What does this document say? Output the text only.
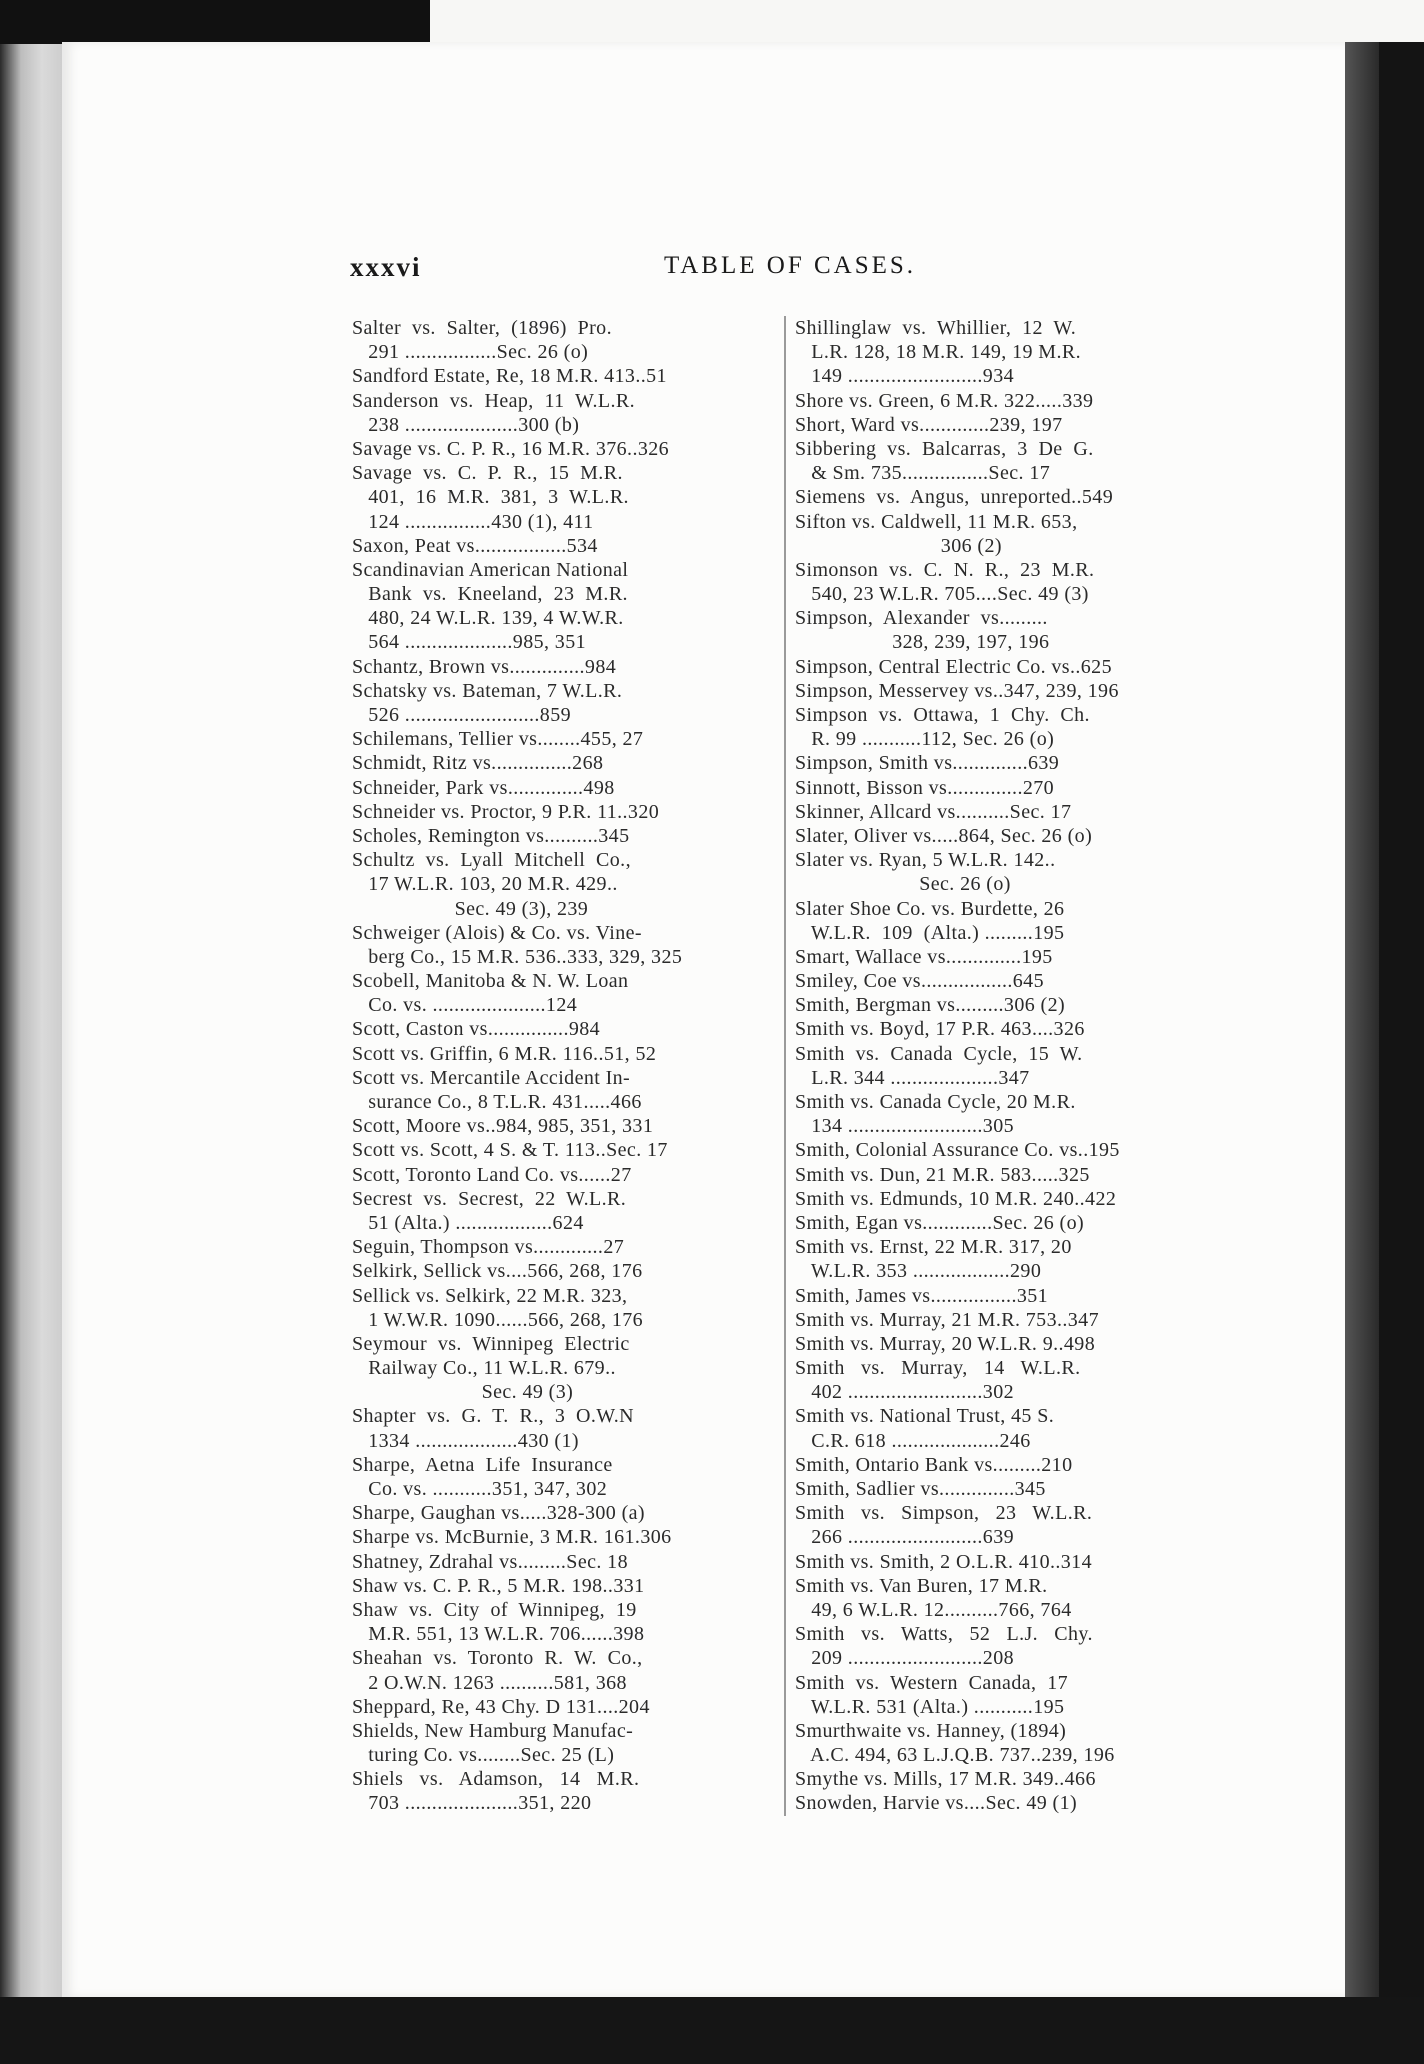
xxxvi	TABLE OF CASES.
Salter  vs.  Salter,  (1896)  Pro.
291 .................Sec. 26 (o)
Sandford Estate, Re, 18 M.R. 413..51
Sanderson  vs.  Heap,  11  W.L.R.
238 .....................300 (b)
Savage vs. C. P. R., 16 M.R. 376..326
Savage  vs.  C.  P.  R.,  15  M.R.
401,  16  M.R.  381,  3  W.L.R.
124 ................430 (1), 411
Saxon, Peat vs.................534
Scandinavian American National
Bank  vs.  Kneeland,  23  M.R.
480, 24 W.L.R. 139, 4 W.W.R.
564 ....................985, 351
Schantz, Brown vs..............984
Schatsky vs. Bateman, 7 W.L.R.
526 .........................859
Schilemans, Tellier vs........455, 27
Schmidt, Ritz vs...............268
Schneider, Park vs..............498
Schneider vs. Proctor, 9 P.R. 11..320
Scholes, Remington vs..........345
Schultz  vs.  Lyall  Mitchell  Co.,
17 W.L.R. 103, 20 M.R. 429..
Sec. 49 (3), 239
Schweiger (Alois) & Co. vs. Vine-
berg Co., 15 M.R. 536..333, 329, 325
Scobell, Manitoba & N. W. Loan
Co. vs. .....................124
Scott, Caston vs...............984
Scott vs. Griffin, 6 M.R. 116..51, 52
Scott vs. Mercantile Accident In-
surance Co., 8 T.L.R. 431.....466
Scott, Moore vs..984, 985, 351, 331
Scott vs. Scott, 4 S. & T. 113..Sec. 17
Scott, Toronto Land Co. vs......27
Secrest  vs.  Secrest,  22  W.L.R.
51 (Alta.) ..................624
Seguin, Thompson vs.............27
Selkirk, Sellick vs....566, 268, 176
Sellick vs. Selkirk, 22 M.R. 323,
1 W.W.R. 1090......566, 268, 176
Seymour  vs.  Winnipeg  Electric
Railway Co., 11 W.L.R. 679..
Sec. 49 (3)
Shapter  vs.  G.  T.  R.,  3  O.W.N
1334 ...................430 (1)
Sharpe,  Aetna  Life  Insurance
Co. vs. ...........351, 347, 302
Sharpe, Gaughan vs.....328-300 (a)
Sharpe vs. McBurnie, 3 M.R. 161.306
Shatney, Zdrahal vs.........Sec. 18
Shaw vs. C. P. R., 5 M.R. 198..331
Shaw  vs.  City  of  Winnipeg,  19
M.R. 551, 13 W.L.R. 706......398
Sheahan  vs.  Toronto  R.  W.  Co.,
2 O.W.N. 1263 ..........581, 368
Sheppard, Re, 43 Chy. D 131....204
Shields, New Hamburg Manufac-
turing Co. vs........Sec. 25 (L)
Shiels   vs.   Adamson,   14   M.R.
703 .....................351, 220
Shillinglaw  vs.  Whillier,  12  W.
L.R. 128, 18 M.R. 149, 19 M.R.
149 .........................934
Shore vs. Green, 6 M.R. 322.....339
Short, Ward vs.............239, 197
Sibbering  vs.  Balcarras,  3  De  G.
& Sm. 735................Sec. 17
Siemens  vs.  Angus,  unreported..549
Sifton vs. Caldwell, 11 M.R. 653,
306 (2)
Simonson  vs.  C.  N.  R.,  23  M.R.
540, 23 W.L.R. 705....Sec. 49 (3)
Simpson,  Alexander  vs.........
328, 239, 197, 196
Simpson, Central Electric Co. vs..625
Simpson, Messervey vs..347, 239, 196
Simpson  vs.  Ottawa,  1  Chy.  Ch.
R. 99 ...........112, Sec. 26 (o)
Simpson, Smith vs..............639
Sinnott, Bisson vs..............270
Skinner, Allcard vs..........Sec. 17
Slater, Oliver vs.....864, Sec. 26 (o)
Slater vs. Ryan, 5 W.L.R. 142..
Sec. 26 (o)
Slater Shoe Co. vs. Burdette, 26
W.L.R.  109  (Alta.) .........195
Smart, Wallace vs..............195
Smiley, Coe vs.................645
Smith, Bergman vs.........306 (2)
Smith vs. Boyd, 17 P.R. 463....326
Smith  vs.  Canada  Cycle,  15  W.
L.R. 344 ....................347
Smith vs. Canada Cycle, 20 M.R.
134 .........................305
Smith, Colonial Assurance Co. vs..195
Smith vs. Dun, 21 M.R. 583.....325
Smith vs. Edmunds, 10 M.R. 240..422
Smith, Egan vs.............Sec. 26 (o)
Smith vs. Ernst, 22 M.R. 317, 20
W.L.R. 353 ..................290
Smith, James vs................351
Smith vs. Murray, 21 M.R. 753..347
Smith vs. Murray, 20 W.L.R. 9..498
Smith   vs.   Murray,   14   W.L.R.
402 .........................302
Smith vs. National Trust, 45 S.
C.R. 618 ....................246
Smith, Ontario Bank vs.........210
Smith, Sadlier vs..............345
Smith   vs.   Simpson,   23   W.L.R.
266 .........................639
Smith vs. Smith, 2 O.L.R. 410..314
Smith vs. Van Buren, 17 M.R.
49, 6 W.L.R. 12..........766, 764
Smith   vs.   Watts,   52   L.J.   Chy.
209 .........................208
Smith  vs.  Western  Canada,  17
W.L.R. 531 (Alta.) ...........195
Smurthwaite vs. Hanney, (1894)
A.C. 494, 63 L.J.Q.B. 737..239, 196
Smythe vs. Mills, 17 M.R. 349..466
Snowden, Harvie vs....Sec. 49 (1)
